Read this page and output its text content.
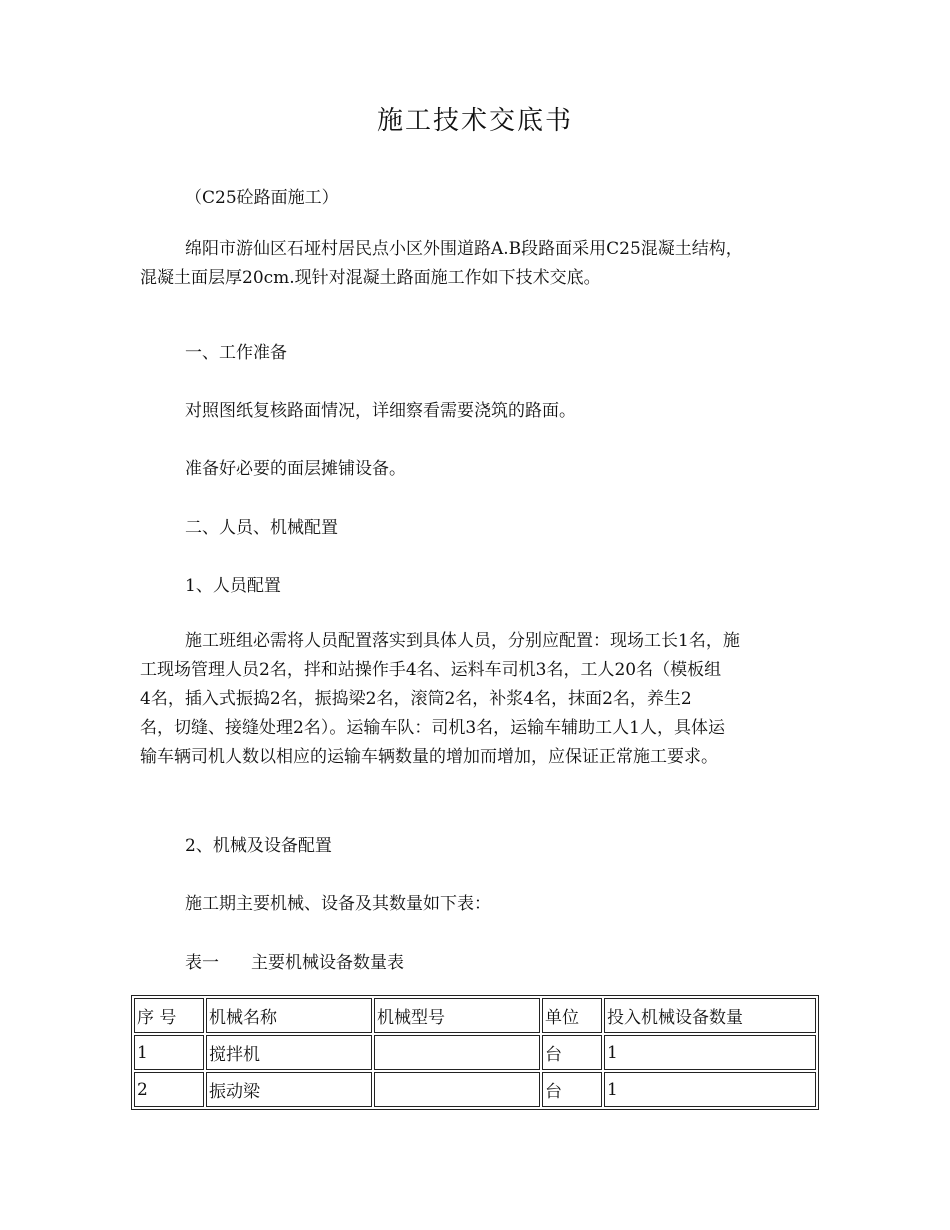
施工技术交底书
（C25砼路面施工）
绵阳市游仙区石垭村居民点小区外围道路A.B段路面采用C25混凝土结构，
混凝土面层厚20cm.现针对混凝土路面施工作如下技术交底。
一、工作准备
对照图纸复核路面情况，详细察看需要浇筑的路面。
准备好必要的面层摊铺设备。
二、人员、机械配置
1、人员配置
施工班组必需将人员配置落实到具体人员，分别应配置：现场工长1名，施
工现场管理人员2名，拌和站操作手4名、运料车司机3名，工人20名（模板组
4名，插入式振捣2名，振捣梁2名，滚筒2名，补浆4名，抹面2名，养生2
名，切缝、接缝处理2名）。运输车队：司机3名，运输车辅助工人1人，具体运
输车辆司机人数以相应的运输车辆数量的增加而增加，应保证正常施工要求。
2、机械及设备配置
施工期主要机械、设备及其数量如下表：
表一 主要机械设备数量表
序 号	机械名称	机械型号	单位	投入机械设备数量
1	搅拌机		台	1
2	振动梁		台	1
